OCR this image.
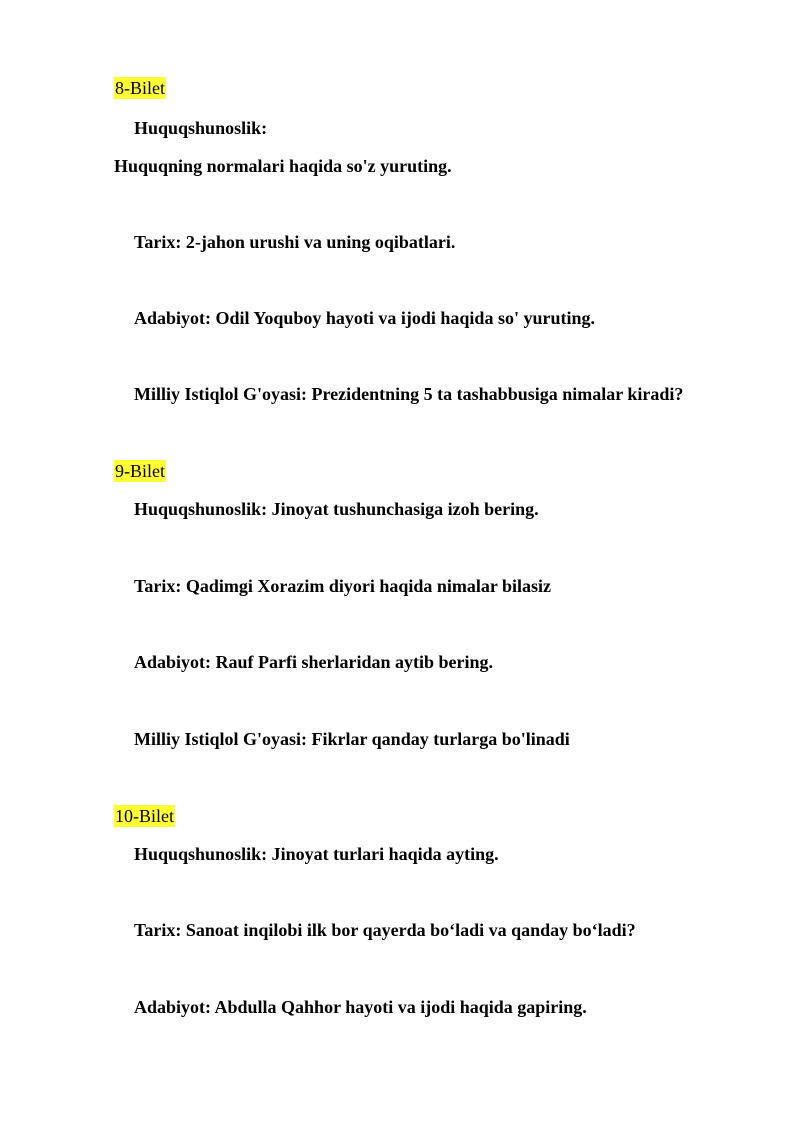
8-Bilet
Huquqshunoslik:
Huquqning normalari haqida so'z yuruting.
Tarix: 2-jahon urushi va uning oqibatlari.
Adabiyot: Odil Yoquboy hayoti va ijodi haqida so' yuruting.
Milliy Istiqlol G'oyasi: Prezidentning 5 ta tashabbusiga nimalar kiradi?
9-Bilet
Huquqshunoslik: Jinoyat tushunchasiga izoh bering.
Tarix: Qadimgi Xorazim diyori haqida nimalar bilasiz
Adabiyot: Rauf Parfi sherlaridan aytib bering.
Milliy Istiqlol G'oyasi: Fikrlar qanday turlarga bo'linadi
10-Bilet
Huquqshunoslik: Jinoyat turlari haqida ayting.
Tarix: Sanoat inqilobi ilk bor qayerda bo‘ladi va qanday bo‘ladi?
Adabiyot: Abdulla Qahhor hayoti va ijodi haqida gapiring.
